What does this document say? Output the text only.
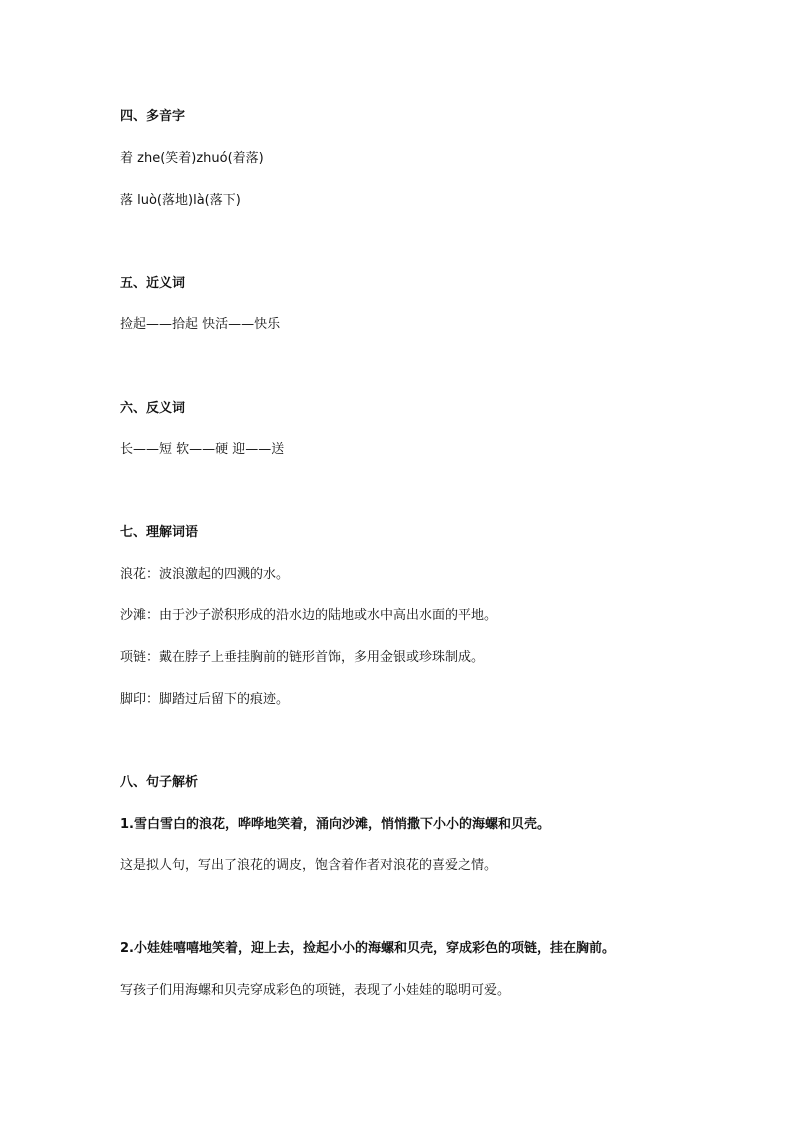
四、多音字
着 zhe(笑着)zhuó(着落)
落 luò(落地)là(落下)
五、近义词
捡起——拾起 快活——快乐
六、反义词
长——短 软——硬 迎——送
七、理解词语
浪花：波浪激起的四溅的水。
沙滩：由于沙子淤积形成的沿水边的陆地或水中高出水面的平地。
项链：戴在脖子上垂挂胸前的链形首饰，多用金银或珍珠制成。
脚印：脚踏过后留下的痕迹。
八、句子解析
1.雪白雪白的浪花，哗哗地笑着，涌向沙滩，悄悄撒下小小的海螺和贝壳。
这是拟人句，写出了浪花的调皮，饱含着作者对浪花的喜爱之情。
2.小娃娃嘻嘻地笑着，迎上去，捡起小小的海螺和贝壳，穿成彩色的项链，挂在胸前。
写孩子们用海螺和贝壳穿成彩色的项链，表现了小娃娃的聪明可爱。
